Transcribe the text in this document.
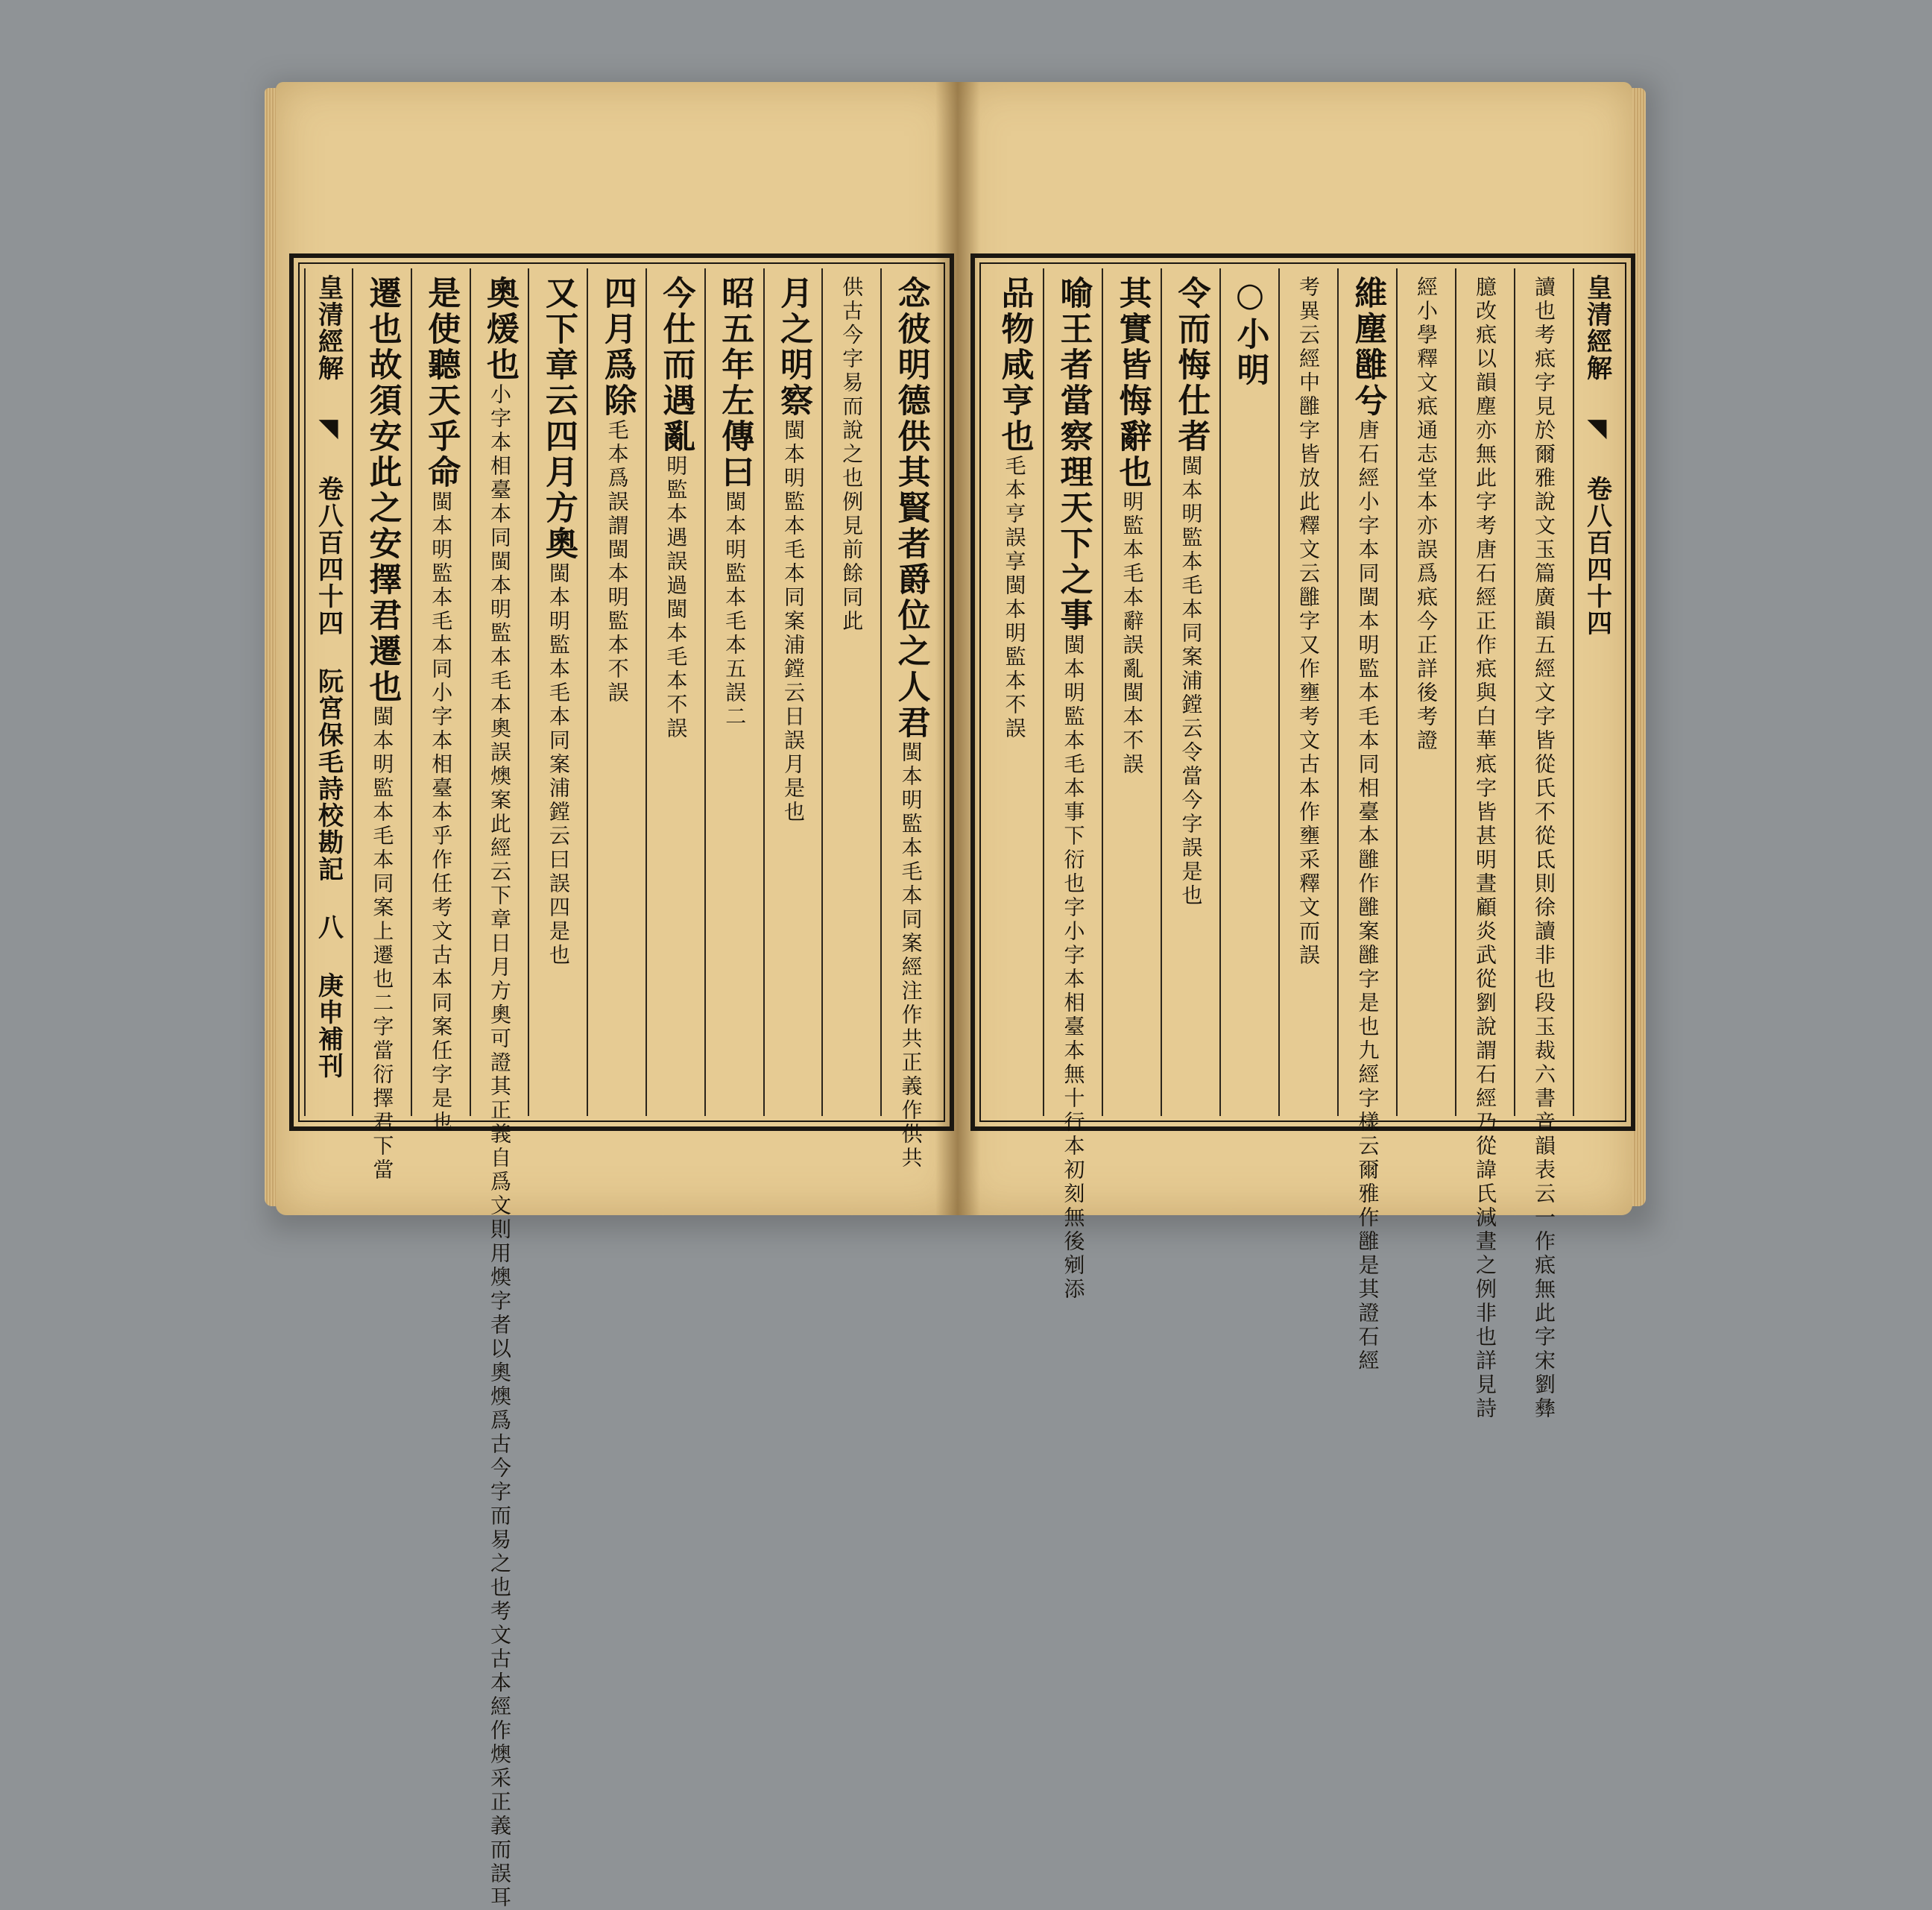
念彼明德供其賢者爵位之人君閩本明監本毛本同案經注作共正義作供共
供古今字易而說之也例見前餘同此
月之明察閩本明監本毛本同案浦鏜云日誤月是也
昭五年左傳曰閩本明監本毛本五誤二
今仕而遇亂明監本遇誤過閩本毛本不誤
四月爲除毛本爲誤謂閩本明監本不誤
又下章云四月方奧閩本明監本毛本同案浦鏜云曰誤四是也
奧煖也小字本相臺本同閩本明監本毛本奧誤燠案此經云下章日月方奧可證其正義自爲文則用燠字者以奧燠爲古今字而易之也考文古本經作燠采正義而誤耳
是使聽天乎命閩本明監本毛本同小字本相臺本乎作任考文古本同案任字是也
遷也故須安此之安擇君遷也閩本明監本毛本同案上遷也二字當衍擇君下當
皇清經解 ◥ 卷八百四十四 阮宮保毛詩校勘記 八 庚申補刊
皇清經解 ◥ 卷八百四十四
讀也考疷字見於爾雅說文玉篇廣韻五經文字皆從氏不從氐則徐讀非也段玉裁六書音韻表云一作疷無此字宋劉彝
臆改疷以韻塵亦無此字考唐石經正作疷與白華疷字皆甚明晝顧炎武從劉說謂石經乃從諱氏減晝之例非也詳見詩
經小學釋文疷通志堂本亦誤爲疷今正詳後考證
維塵雝兮唐石經小字本同閩本明監本毛本同相臺本雝作雝案雝字是也九經字樣云爾雅作雝是其證石經
考異云經中雝字皆放此釋文云雝字又作壅考文古本作壅采釋文而誤
○小明
令而悔仕者閩本明監本毛本同案浦鏜云令當今字誤是也
其實皆悔辭也明監本毛本辭誤亂閩本不誤
喻王者當察理天下之事閩本明監本毛本事下衍也字小字本相臺本無十行本初刻無後剜添
品物咸亨也毛本亨誤享閩本明監本不誤
